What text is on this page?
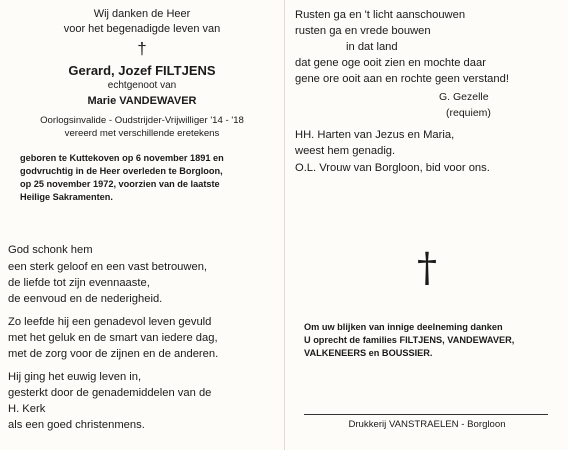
Wij danken de Heer
voor het begenadigde leven van
†
Gerard, Jozef FILTJENS
echtgenoot van
Marie VANDEWAVER
Oorlogsinvalide - Oudstrijder-Vrijwilliger '14 - '18
vereerd met verschillende eretekens
geboren te Kuttekoven op 6 november 1891 en
godvruchtig in de Heer overleden te Borgloon,
op 25 november 1972, voorzien van de laatste
Heilige Sakramenten.
God schonk hem
een sterk geloof en een vast betrouwen,
de liefde tot zijn evennaaste,
de eenvoud en de nederigheid.
Zo leefde hij een genadevol leven gevuld
met het geluk en de smart van iedere dag,
met de zorg voor de zijnen en de anderen.
Hij ging het euwig leven in,
gesterkt door de genademiddelen van de
H. Kerk
als een goed christenmens.
Rusten ga en 't licht aanschouwen
rusten ga en vrede bouwen
in dat land
dat gene oge ooit zien en mochte daar
gene ore ooit aan en rochte geen verstand!
G. Gezelle
(requiem)
HH. Harten van Jezus en Maria,
weest hem genadig.
O.L. Vrouw van Borgloon, bid voor ons.
†
Om uw blijken van innige deelneming danken
U oprecht de families FILTJENS, VANDEWAVER,
VALKENEERS en BOUSSIER.
Drukkerij VANSTRAELEN - Borgloon
